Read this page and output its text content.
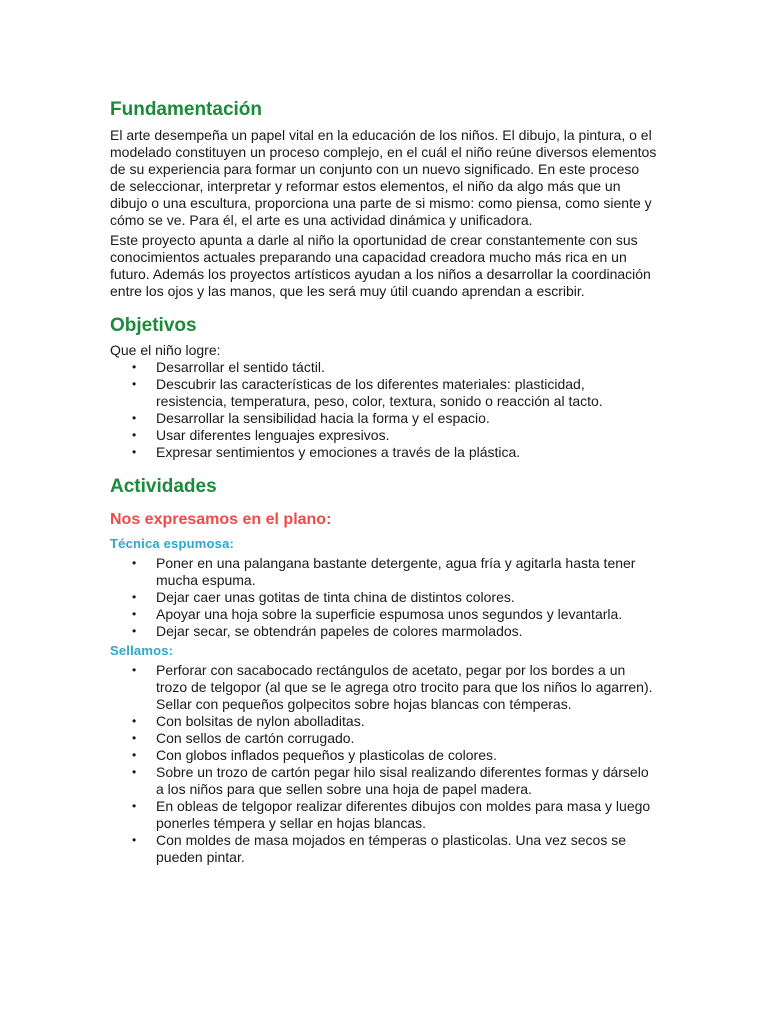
Fundamentación

El arte desempeña un papel vital en la educación de los niños. El dibujo, la pintura, o el modelado constituyen un proceso complejo, en el cuál el niño reúne diversos elementos de su experiencia para formar un conjunto con un nuevo significado. En este proceso de seleccionar, interpretar y reformar estos elementos, el niño da algo más que un dibujo o una escultura, proporciona una parte de si mismo: como piensa, como siente y cómo se ve. Para él, el arte es una actividad dinámica y unificadora.

Este proyecto apunta a darle al niño la oportunidad de crear constantemente con sus conocimientos actuales preparando una capacidad creadora mucho más rica en un futuro. Además los proyectos artísticos ayudan a los niños a desarrollar la coordinación entre los ojos y las manos, que les será muy útil cuando aprendan a escribir.

Objetivos

Que el niño logre:

• Desarrollar el sentido táctil.
• Descubrir las características de los diferentes materiales: plasticidad, resistencia, temperatura, peso, color, textura, sonido o reacción al tacto.
• Desarrollar la sensibilidad hacia la forma y el espacio.
• Usar diferentes lenguajes expresivos.
• Expresar sentimientos y emociones a través de la plástica.
Actividades
Nos expresamos en el plano:
Técnica espumosa:
• Poner en una palangana bastante detergente, agua fría y agitarla hasta tener mucha espuma.
• Dejar caer unas gotitas de tinta china de distintos colores.
• Apoyar una hoja sobre la superficie espumosa unos segundos y levantarla.
• Dejar secar, se obtendrán papeles de colores marmolados.
Sellamos:
• Perforar con sacabocado rectángulos de acetato, pegar por los bordes a un trozo de telgopor (al que se le agrega otro trocito para que los niños lo agarren). Sellar con pequeños golpecitos sobre hojas blancas con témperas.
• Con bolsitas de nylon abolladitas.
• Con sellos de cartón corrugado.
• Con globos inflados pequeños y plasticolas de colores.
• Sobre un trozo de cartón pegar hilo sisal realizando diferentes formas y dárselo a los niños para que sellen sobre una hoja de papel madera.
• En obleas de telgopor realizar diferentes dibujos con moldes para masa y luego ponerles témpera y sellar en hojas blancas.
• Con moldes de masa mojados en témperas o plasticolas. Una vez secos se pueden pintar.
